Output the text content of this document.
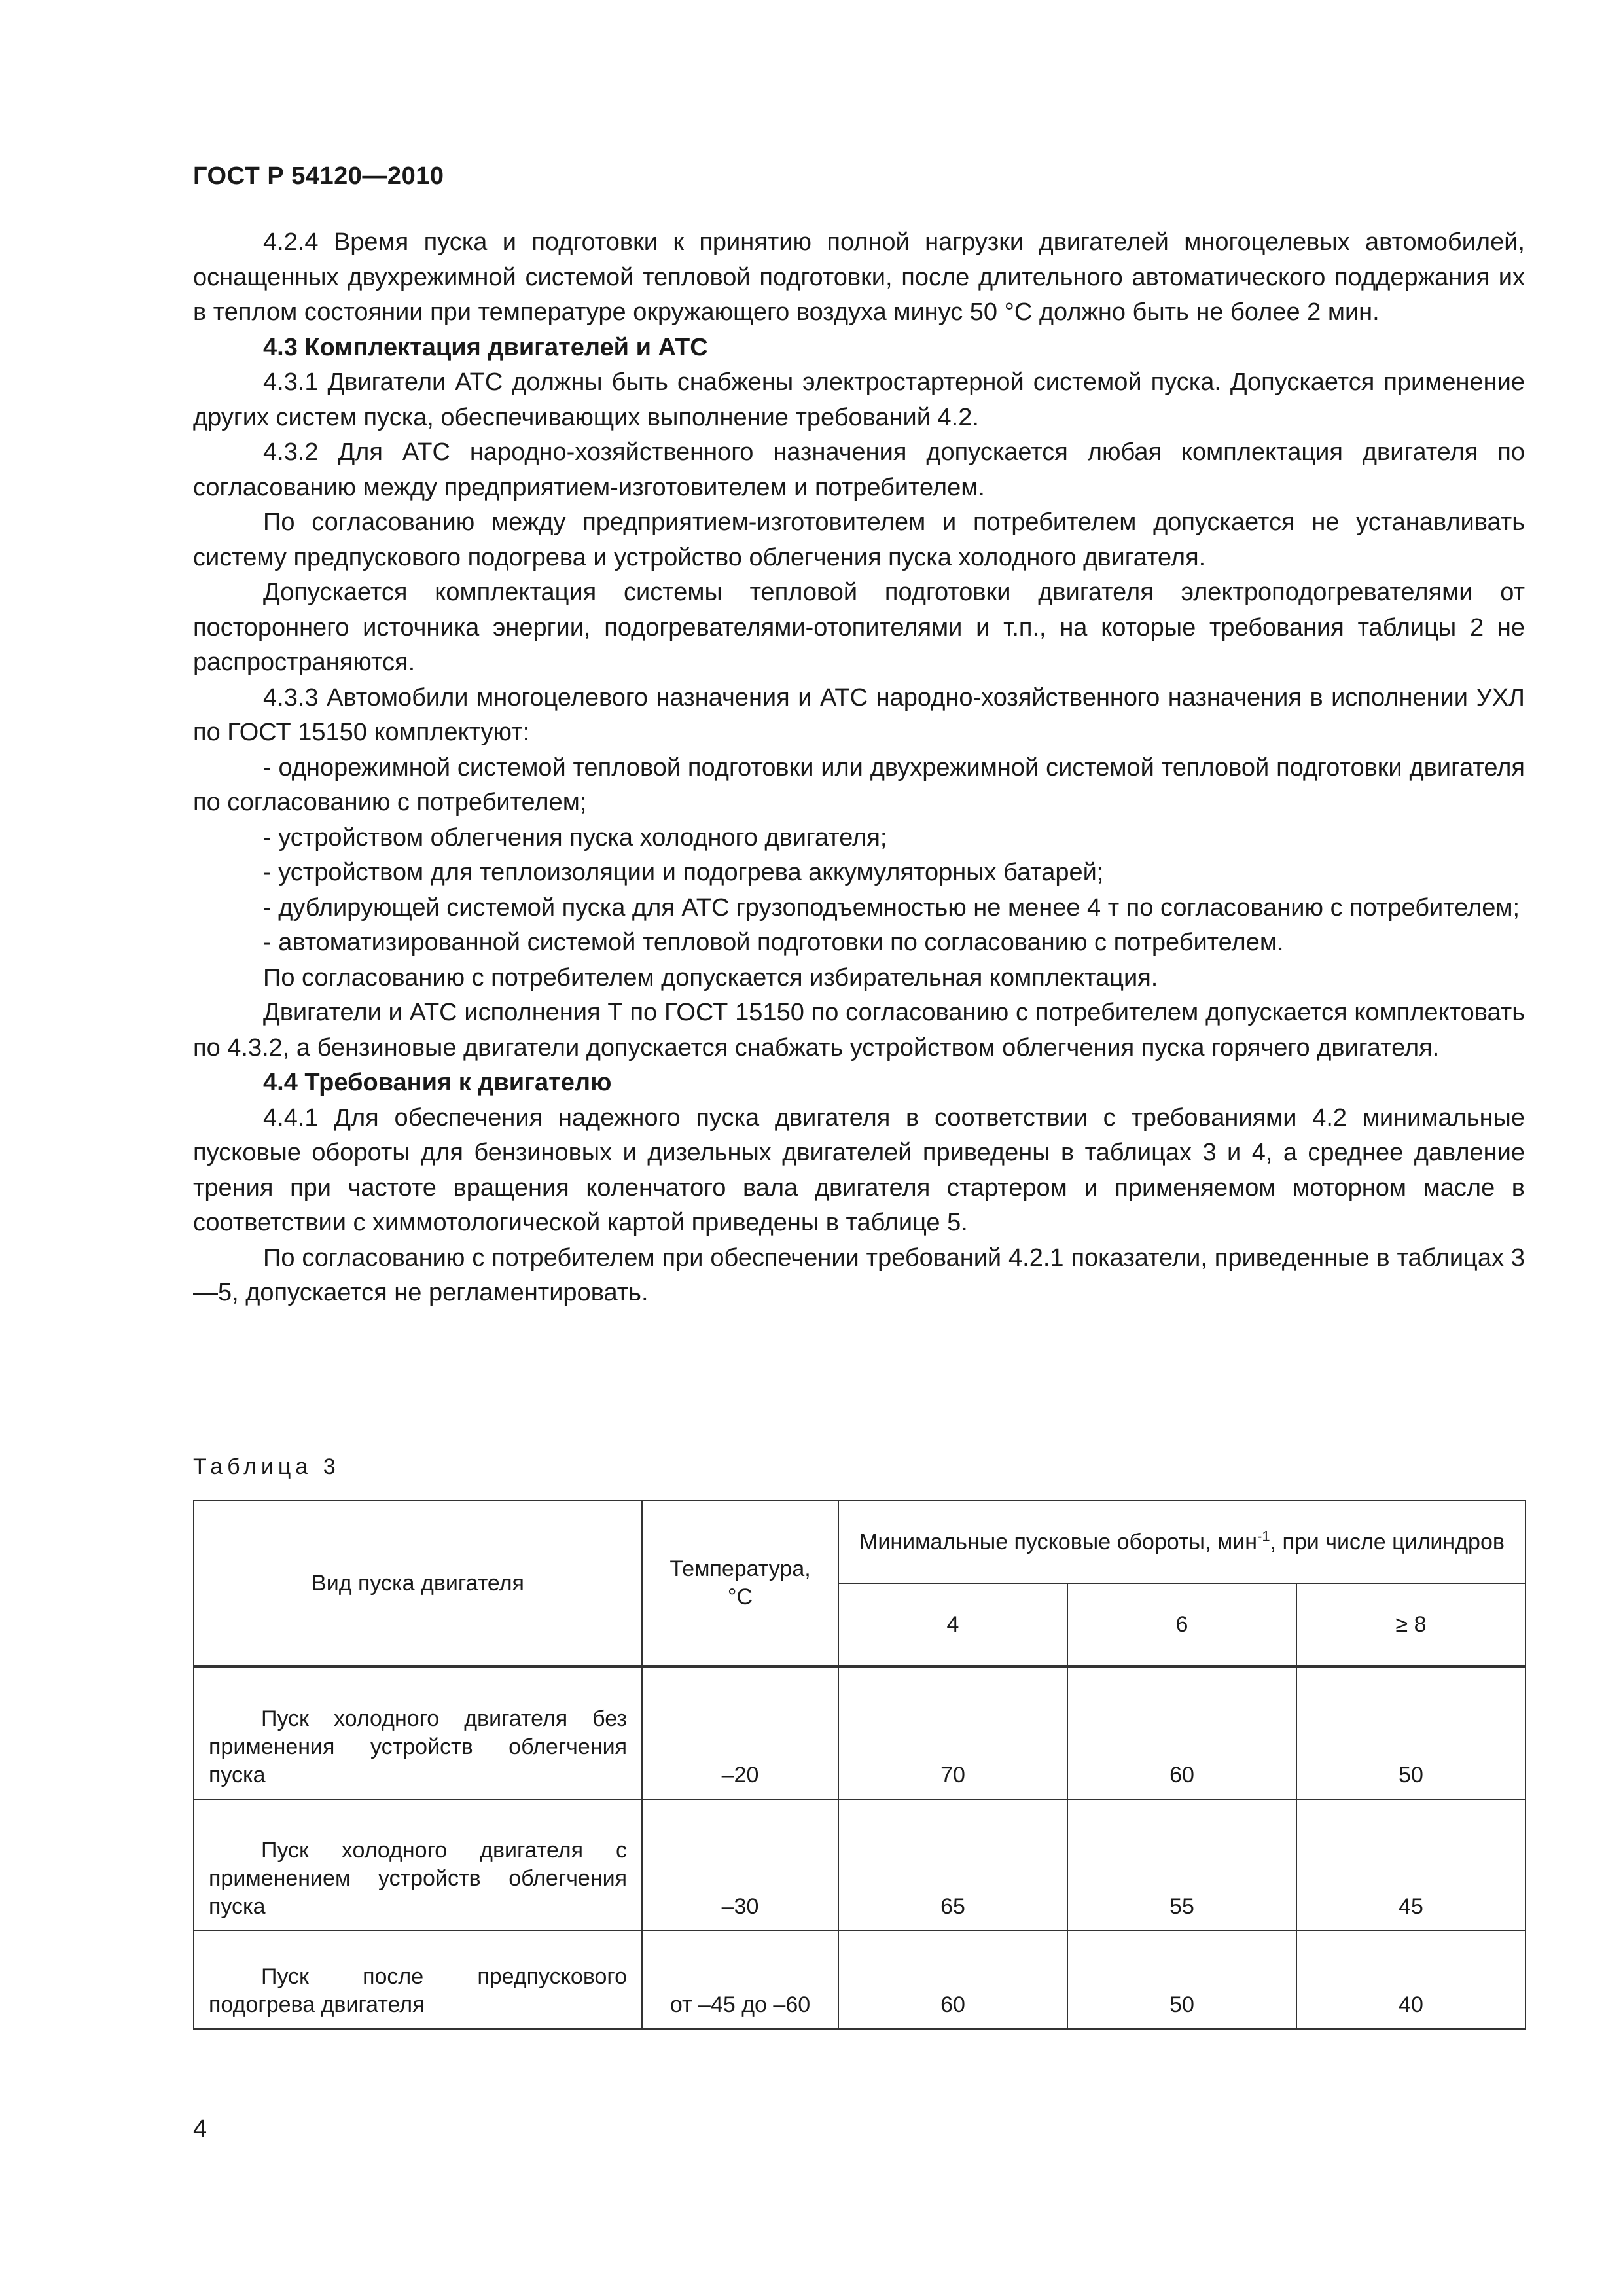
ГОСТ Р 54120—2010

4.2.4 Время пуска и подготовки к принятию полной нагрузки двигателей многоцелевых автомобилей, оснащенных двухрежимной системой тепловой подготовки, после длительного автоматического поддержания их в теплом состоянии при температуре окружающего воздуха минус 50 °С должно быть не более 2 мин.

4.3 Комплектация двигателей и АТС

4.3.1 Двигатели АТС должны быть снабжены электростартерной системой пуска. Допускается применение других систем пуска, обеспечивающих выполнение требований 4.2.

4.3.2 Для АТС народно-хозяйственного назначения допускается любая комплектация двигателя по согласованию между предприятием-изготовителем и потребителем.

По согласованию между предприятием-изготовителем и потребителем допускается не устанавливать систему предпускового подогрева и устройство облегчения пуска холодного двигателя.

Допускается комплектация системы тепловой подготовки двигателя электроподогревателями от постороннего источника энергии, подогревателями-отопителями и т.п., на которые требования таблицы 2 не распространяются.

4.3.3 Автомобили многоцелевого назначения и АТС народно-хозяйственного назначения в исполнении УХЛ по ГОСТ 15150 комплектуют:

- однорежимной системой тепловой подготовки или двухрежимной системой тепловой подготовки двигателя по согласованию с потребителем;

- устройством облегчения пуска холодного двигателя;

- устройством для теплоизоляции и подогрева аккумуляторных батарей;

- дублирующей системой пуска для АТС грузоподъемностью не менее 4 т по согласованию с потребителем;

- автоматизированной системой тепловой подготовки по согласованию с потребителем.

По согласованию с потребителем допускается избирательная комплектация.

Двигатели и АТС исполнения Т по ГОСТ 15150 по согласованию с потребителем допускается комплектовать по 4.3.2, а бензиновые двигатели допускается снабжать устройством облегчения пуска горячего двигателя.

4.4 Требования к двигателю

4.4.1 Для обеспечения надежного пуска двигателя в соответствии с требованиями 4.2 минимальные пусковые обороты для бензиновых и дизельных двигателей приведены в таблицах 3 и 4, а среднее давление трения при частоте вращения коленчатого вала двигателя стартером и применяемом моторном масле в соответствии с химмотологической картой приведены в таблице 5.

По согласованию с потребителем при обеспечении требований 4.2.1 показатели, приведенные в таблицах 3—5, допускается не регламентировать.

Таблица 3
Вид пуска двигателя	Температура, °С	Минимальные пусковые обороты, мин$^{-1}$, при числе цилиндров		
		4	6	≥ 8
Пуск холодного двигателя без применения устройств облегчения пуска	–20	70	60	50
Пуск холодного двигателя с применением устройств облегчения пуска	–30	65	55	45
Пуск после предпускового подогрева двигателя	от –45 до –60	60	50	40
4
